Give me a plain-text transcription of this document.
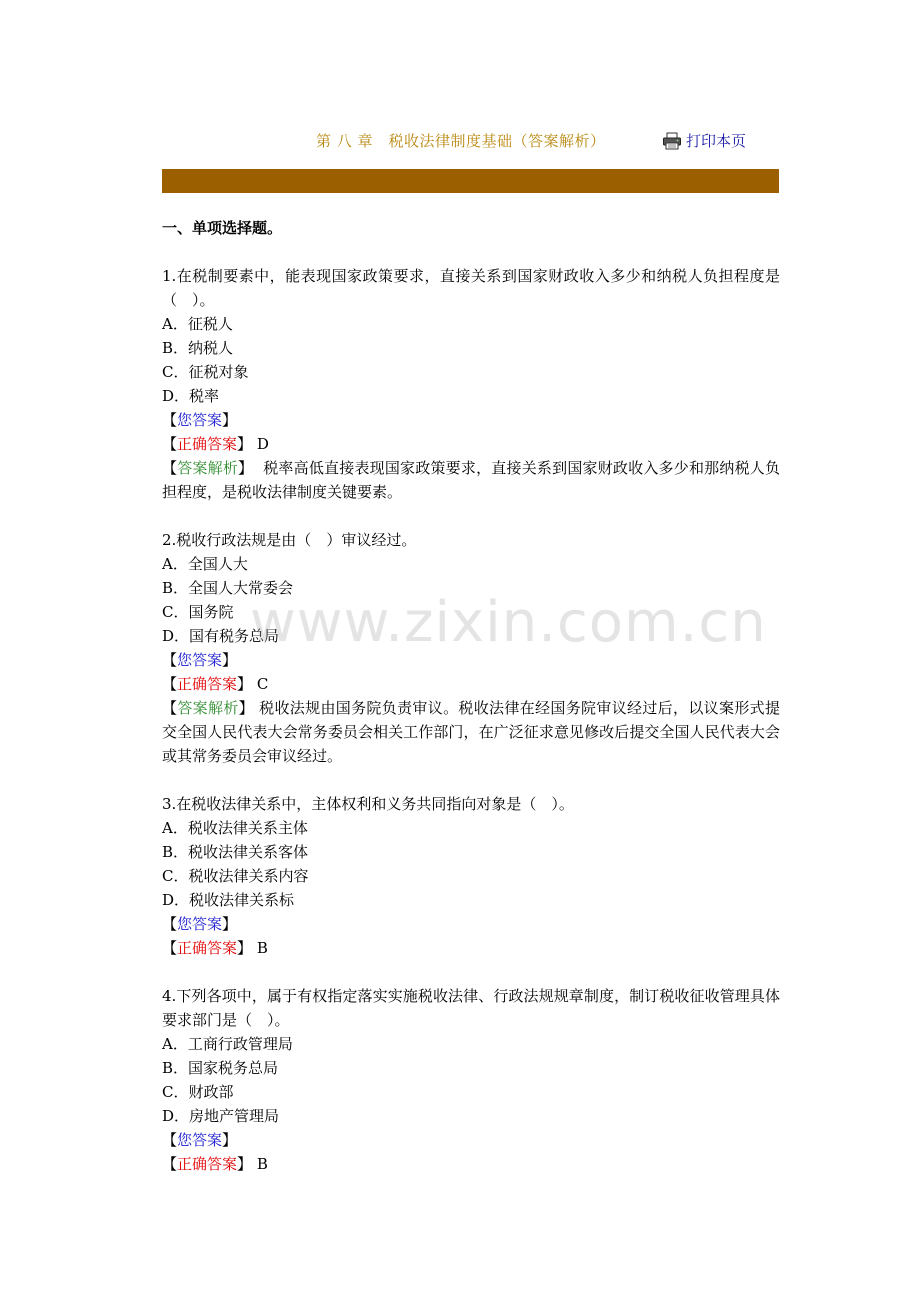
第 八 章　税收法律制度基础（答案解析）	打印本页

一、单项选择题。

1.在税制要素中，能表现国家政策要求，直接关系到国家财政收入多少和纳税人负担程度是（　）。

A．征税人

B．纳税人

C．征税对象

D．税率

【您答案】

【正确答案】 D

【答案解析】 税率高低直接表现国家政策要求，直接关系到国家财政收入多少和那纳税人负担程度，是税收法律制度关键要素。

2.税收行政法规是由（　）审议经过。

A．全国人大

B．全国人大常委会

C．国务院

D．国有税务总局

【您答案】

【正确答案】 C

【答案解析】 税收法规由国务院负责审议。税收法律在经国务院审议经过后，以议案形式提交全国人民代表大会常务委员会相关工作部门，在广泛征求意见修改后提交全国人民代表大会或其常务委员会审议经过。

3.在税收法律关系中，主体权利和义务共同指向对象是（　）。

A．税收法律关系主体

B．税收法律关系客体

C．税收法律关系内容

D．税收法律关系标

【您答案】

【正确答案】 B

4.下列各项中，属于有权指定落实实施税收法律、行政法规规章制度，制订税收征收管理具体要求部门是（　）。

A．工商行政管理局

B．国家税务总局

C．财政部

D．房地产管理局

【您答案】

【正确答案】 B

www.zixin.com.cn
